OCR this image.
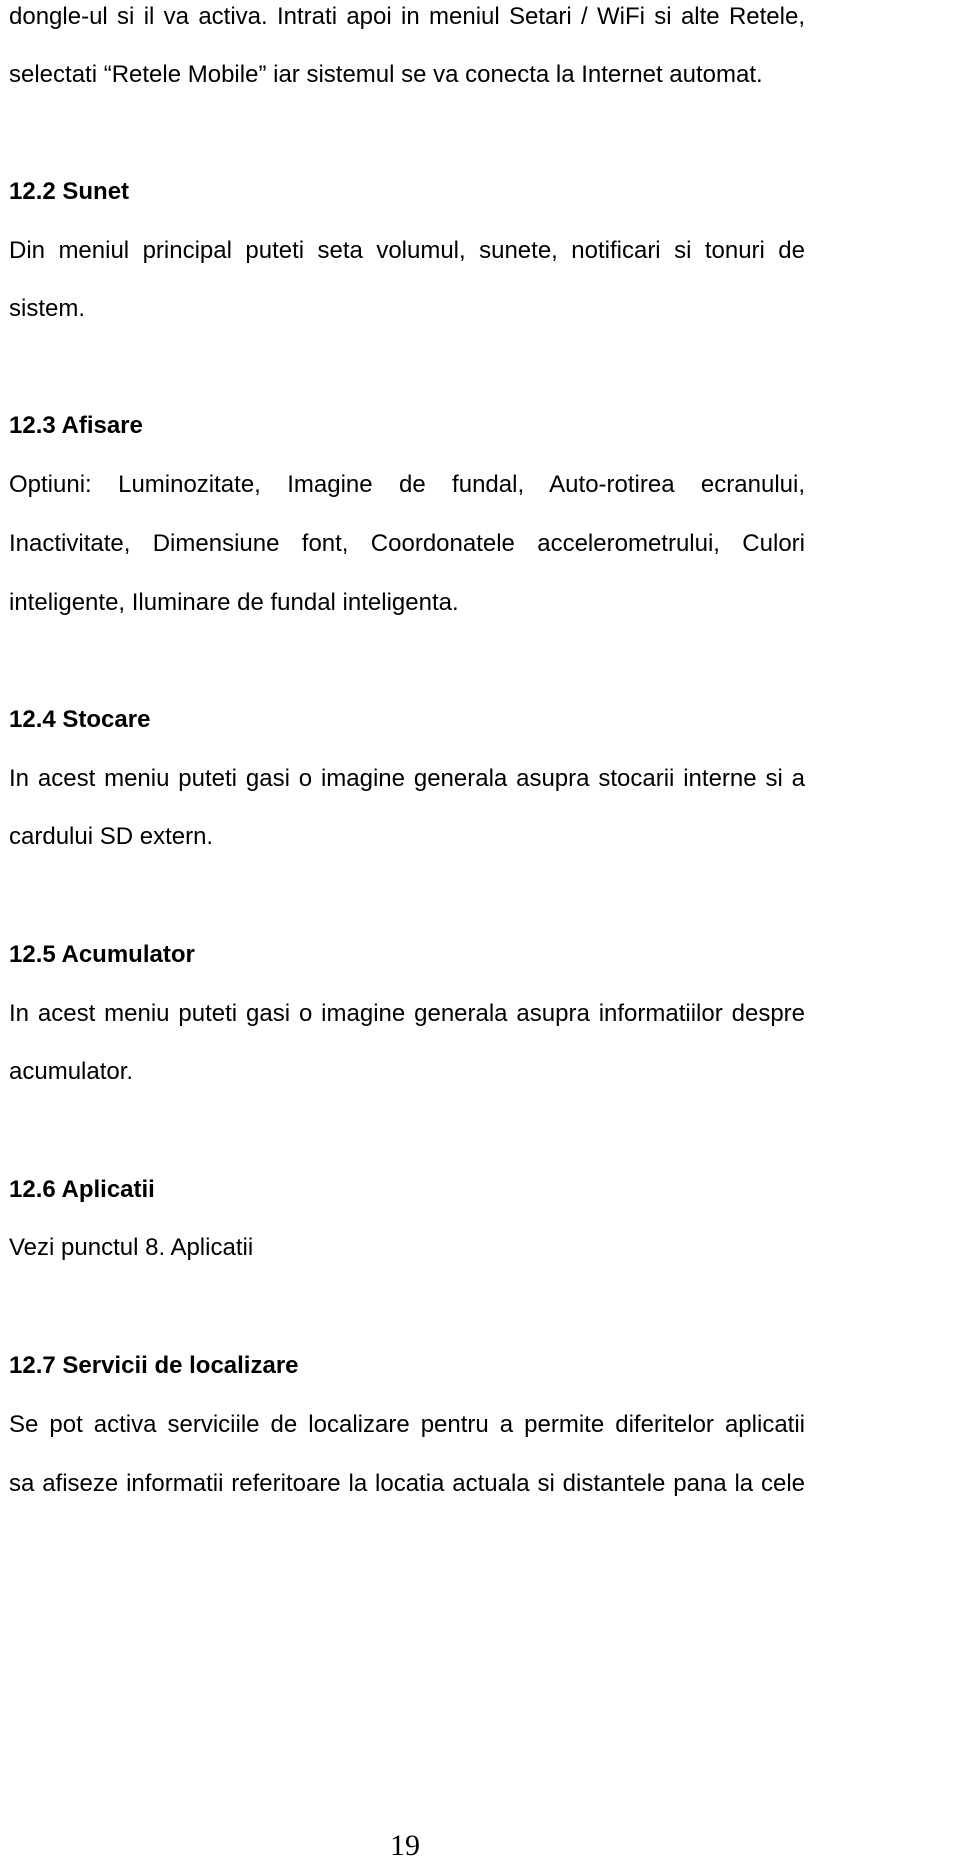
dongle-ul si il va activa. Intrati apoi in meniul Setari / WiFi si alte Retele,

selectati “Retele Mobile” iar sistemul se va conecta la Internet automat.

12.2 Sunet

Din meniul principal puteti seta volumul, sunete, notificari si tonuri de

sistem.

12.3 Afisare

Optiuni: Luminozitate, Imagine de fundal, Auto-rotirea ecranului,

Inactivitate, Dimensiune font, Coordonatele accelerometrului, Culori

inteligente, Iluminare de fundal inteligenta.

12.4 Stocare

In acest meniu puteti gasi o imagine generala asupra stocarii interne si a

cardului SD extern.

12.5 Acumulator

In acest meniu puteti gasi o imagine generala asupra informatiilor despre

acumulator.

12.6 Aplicatii

Vezi punctul 8. Aplicatii

12.7 Servicii de localizare

Se pot activa serviciile de localizare pentru a permite diferitelor aplicatii

sa afiseze informatii referitoare la locatia actuala si distantele pana la cele

19
